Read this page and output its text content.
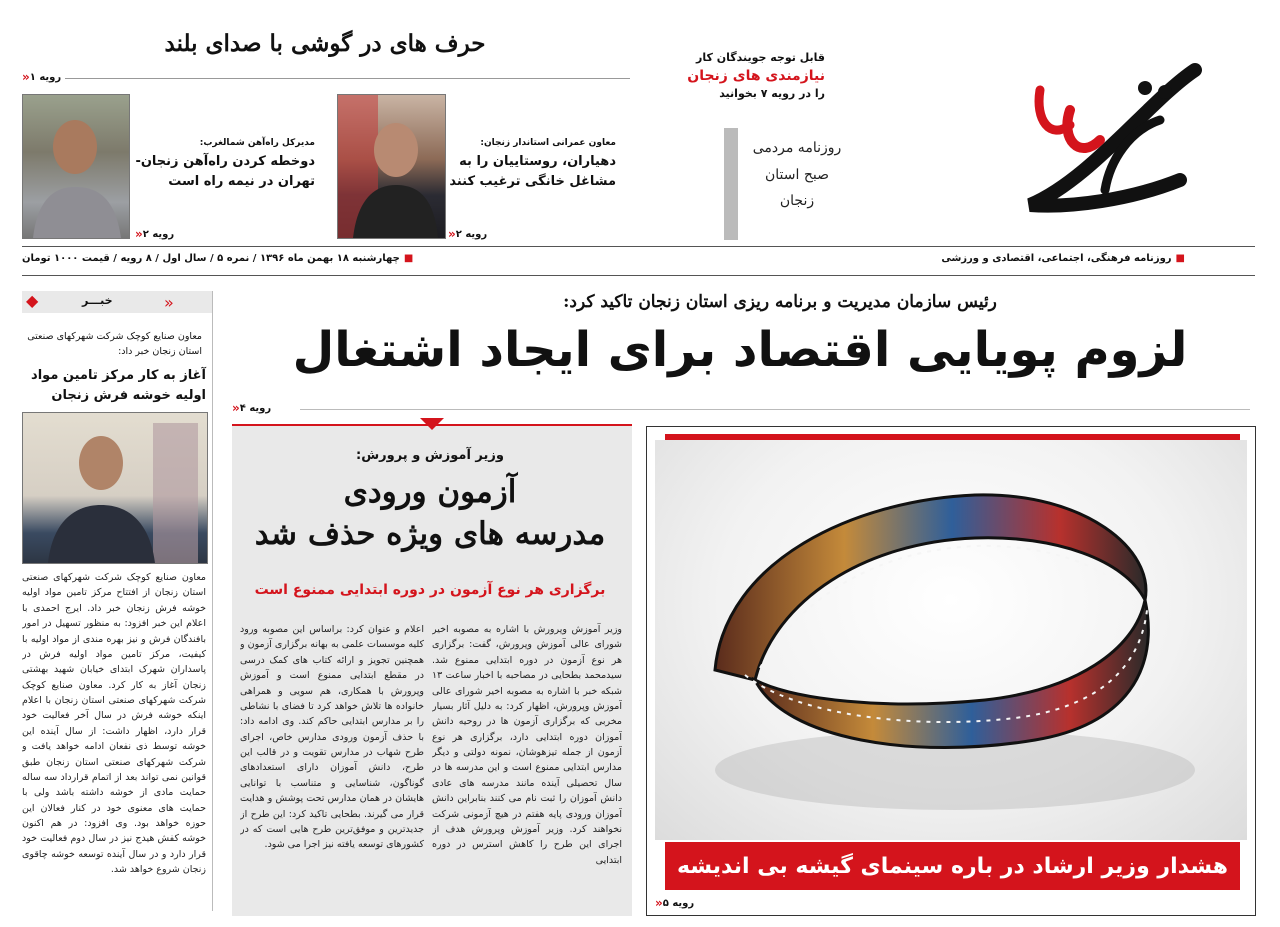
روزنامه مردمی
صبح استان
زنجان
قابل توجه جویندگان کار
نیازمندی های زنجان
را در رویه ۷ بخوانید
حرف های در گوشی با صدای بلند
رویه ۱
«
معاون عمرانی استاندار زنجان:
دهیاران، روستاییان را به مشاغل خانگی ترغیب کنند
رویه ۲
«
مدیرکل راه‌آهن شمالغرب:
دوخطه کردن راه‌آهن زنجان-تهران در نیمه راه است
رویه ۲
«
■
روزنامه فرهنگی، اجتماعی، اقتصادی و ورزشی
■
چهارشنبه ۱۸ بهمن ماه ۱۳۹۶ / نمره ۵ / سال اول / ۸ رویه / قیمت ۱۰۰۰ تومان
◆	«
خبـــر
معاون صنایع کوچک شرکت شهرکهای صنعتی استان زنجان خبر داد:
آغاز به کار مرکز تامین مواد اولیه خوشه فرش زنجان
معاون صنایع کوچک شرکت شهرکهای صنعتی استان زنجان از افتتاح مرکز تامین مواد اولیه خوشه فرش زنجان خبر داد. ایرج احمدی با اعلام این خبر افزود: به منظور تسهیل در امور بافندگان فرش و نیز بهره مندی از مواد اولیه با کیفیت، مرکز تامین مواد اولیه فرش در پاسداران شهرک ابتدای خیابان شهید بهشتی زنجان آغاز به کار کرد. معاون صنایع کوچک شرکت شهرکهای صنعتی استان زنجان با اعلام اینکه خوشه فرش در سال آخر فعالیت خود قرار دارد، اظهار داشت: از سال آینده این خوشه توسط ذی نفعان ادامه خواهد یافت و شرکت شهرکهای صنعتی استان زنجان طبق قوانین نمی تواند بعد از اتمام قرارداد سه ساله حمایت مادی از خوشه داشته باشد ولی با حمایت های معنوی خود در کنار فعالان این حوزه خواهد بود. وی افزود: در هم اکنون خوشه کفش هیدج نیز در سال دوم فعالیت خود قرار دارد و در سال آینده توسعه خوشه چاقوی زنجان شروع خواهد شد.
رئیس سازمان مدیریت و برنامه ریزی استان زنجان تاکید کرد:
لزوم پویایی اقتصاد برای ایجاد اشتغال
رویه ۴
«
وزیر آموزش و پرورش:
آزمون ورودی
مدرسه های ویژه حذف شد
برگزاری هر نوع آزمون در دوره ابتدایی ممنوع است
وزیر آموزش وپرورش با اشاره به مصوبه اخیر شورای عالی آموزش وپرورش، گفت: برگزاری هر نوع آزمون در دوره ابتدایی ممنوع شد. سیدمحمد بطحایی در مصاحبه با اخبار ساعت ۱۳ شبکه خبر با اشاره به مصوبه اخیر شورای عالی آموزش وپرورش، اظهار کرد: به دلیل آثار بسیار مخربی که برگزاری آزمون ها در روحیه دانش آموزان دوره ابتدایی دارد، برگزاری هر نوع آزمون از جمله تیزهوشان، نمونه دولتی و دیگر مدارس ابتدایی ممنوع است و این مدرسه ها در سال تحصیلی آینده مانند مدرسه های عادی دانش آموزان را ثبت نام می کنند بنابراین دانش آموزان ورودی پایه هفتم در هیچ آزمونی شرکت نخواهند کرد. وزیر آموزش وپرورش هدف از اجرای این طرح را کاهش استرس در دوره ابتدایی
اعلام و عنوان کرد: براساس این مصوبه ورود کلیه موسسات علمی به بهانه برگزاری آزمون و همچنین تجویز و ارائه کتاب های کمک درسی در مقطع ابتدایی ممنوع است و آموزش وپرورش با همکاری، هم سویی و همراهی خانواده ها تلاش خواهد کرد تا فضای با نشاطی را بر مدارس ابتدایی حاکم کند. وی ادامه داد: با حذف آزمون ورودی مدارس خاص، اجرای طرح شهاب در مدارس تقویت و در قالب این طرح، دانش آموزان دارای استعدادهای گوناگون، شناسایی و متناسب با توانایی هایشان در همان مدارس تحت پوشش و هدایت قرار می گیرند. بطحایی تاکید کرد: این طرح از جدیدترین و موفق‌ترین طرح هایی است که در کشورهای توسعه یافته نیز اجرا می شود.
هشدار وزیر ارشاد در باره سینمای گیشه بی اندیشه
رویه ۵
«
